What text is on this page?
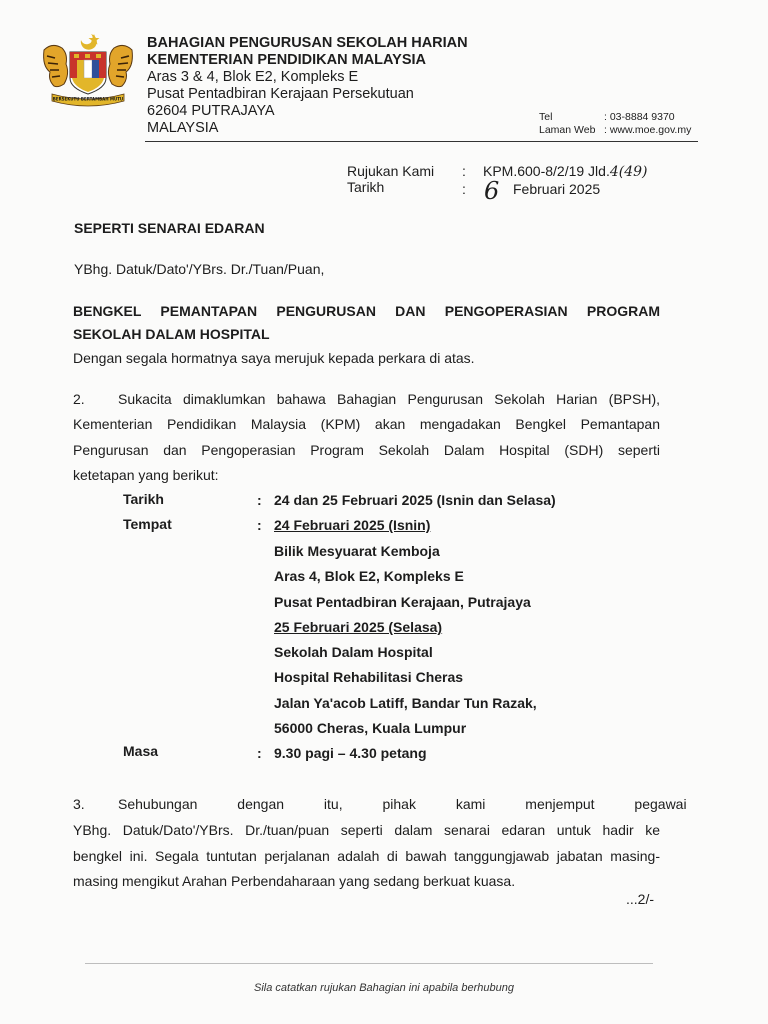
BERSEKUTU BERTAMBAH MUTU
BAHAGIAN PENGURUSAN SEKOLAH HARIAN
KEMENTERIAN PENDIDIKAN MALAYSIA
Aras 3 & 4, Blok E2, Kompleks E
Pusat Pentadbiran Kerajaan Persekutuan
62604 PUTRAJAYA
MALAYSIA
Tel	: 03-8884 9370
Laman Web : www.moe.gov.my
Rujukan Kami : KPM.600-8/2/19 Jld.4(49)
Tarikh	: 6 Februari 2025
SEPERTI SENARAI EDARAN
YBhg. Datuk/Dato'/YBrs. Dr./Tuan/Puan,
BENGKEL PEMANTAPAN PENGURUSAN DAN PENGOPERASIAN PROGRAM
SEKOLAH DALAM HOSPITAL
Dengan segala hormatnya saya merujuk kepada perkara di atas.
2. Sukacita dimaklumkan bahawa Bahagian Pengurusan Sekolah Harian (BPSH),
Kementerian Pendidikan Malaysia (KPM) akan mengadakan Bengkel Pemantapan
Pengurusan dan Pengoperasian Program Sekolah Dalam Hospital (SDH) seperti
ketetapan yang berikut:
Tarikh	: 24 dan 25 Februari 2025 (Isnin dan Selasa)
Tempat	: 24 Februari 2025 (Isnin)
Bilik Mesyuarat Kemboja
Aras 4, Blok E2, Kompleks E
Pusat Pentadbiran Kerajaan, Putrajaya
25 Februari 2025 (Selasa)
Sekolah Dalam Hospital
Hospital Rehabilitasi Cheras
Jalan Ya'acob Latiff, Bandar Tun Razak,
56000 Cheras, Kuala Lumpur
Masa	: 9.30 pagi – 4.30 petang
3. Sehubungan dengan itu, pihak kami menjemput pegawai
YBhg. Datuk/Dato'/YBrs. Dr./tuan/puan seperti dalam senarai edaran untuk hadir ke
bengkel ini. Segala tuntutan perjalanan adalah di bawah tanggungjawab jabatan masing-
masing mengikut Arahan Perbendaharaan yang sedang berkuat kuasa.
...2/-
Sila catatkan rujukan Bahagian ini apabila berhubung
